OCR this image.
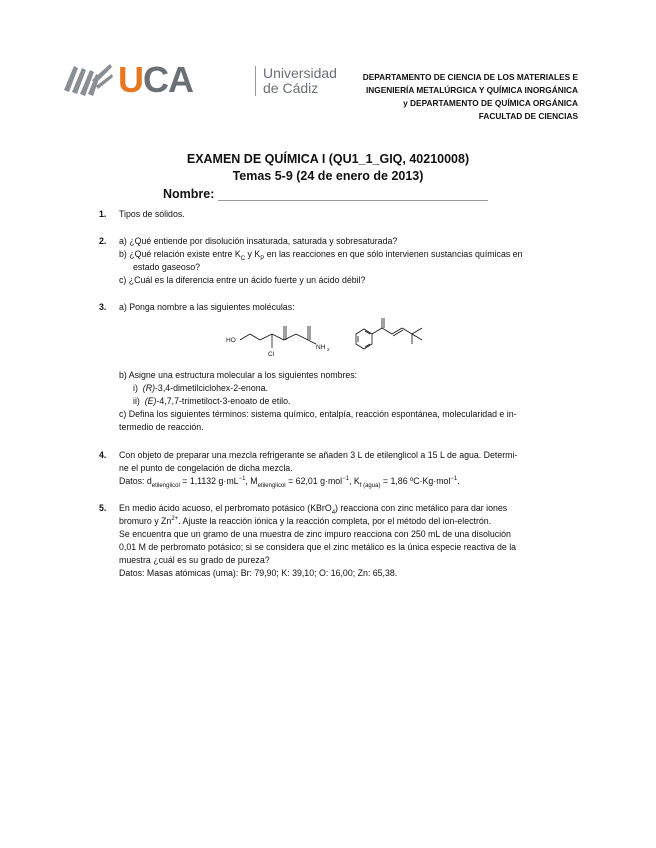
UCA	Universidad
de Cádiz
DEPARTAMENTO DE CIENCIA DE LOS MATERIALES E
INGENIERÍA METALÚRGICA Y QUÍMICA INORGÁNICA
y DEPARTAMENTO DE QUÍMICA ORGÁNICA
FACULTAD DE CIENCIAS
EXAMEN DE QUÍMICA I (QU1_1_GIQ, 40210008)
Temas 5-9 (24 de enero de 2013)
Nombre:
1. Tipos de sólidos.
2. a) ¿Qué entiende por disolución insaturada, saturada y sobresaturada?
b) ¿Qué relación existe entre $K_C$ y $K_P$ en las reacciones en que sólo intervienen sustancias químicas en
estado gaseoso?
c) ¿Cuál es la diferencia entre un ácido fuerte y un ácido débil?
3. a) Ponga nombre a las siguientes moléculas:
HO
NH 2
Cl
b) Asigne una estructura molecular a los siguientes nombres:
i) (R)-3,4-dimetilciclohex-2-enona.
ii) (E)-4,7,7-trimetiloct-3-enoato de etilo.
c) Defina los siguientes términos: sistema químico, entalpía, reacción espontánea, molecularidad e in-
termedio de reacción.
4. Con objeto de preparar una mezcla refrigerante se añaden 3 L de etilenglicol a 15 L de agua. Determi-
ne el punto de congelación de dicha mezcla.
Datos: $d_{etilenglicol} = 1,1132$ $g\cdot mL^{-1}$, $M_{etilenglicol} = 62,01$ g·mol$^{-1}$, $K_{f (agua)} = 1,86$ ºC·Kg·mol$^{-1}$.
5. En medio ácido acuoso, el perbromato potásico (KBrO$_4$) reacciona con zinc metálico para dar iones
bromuro y $Zn^{2+}$. Ajuste la reacción iónica y la reacción completa, por el método del ion-electrón.
Se encuentra que un gramo de una muestra de zinc impuro reacciona con 250 mL de una disolución
0,01 M de perbromato potásico; si se considera que el zinc metálico es la única especie reactiva de la
muestra ¿cuál es su grado de pureza?
Datos: Masas atómicas (uma): Br: 79,90; K: 39,10; O: 16,00; Zn: 65,38.
